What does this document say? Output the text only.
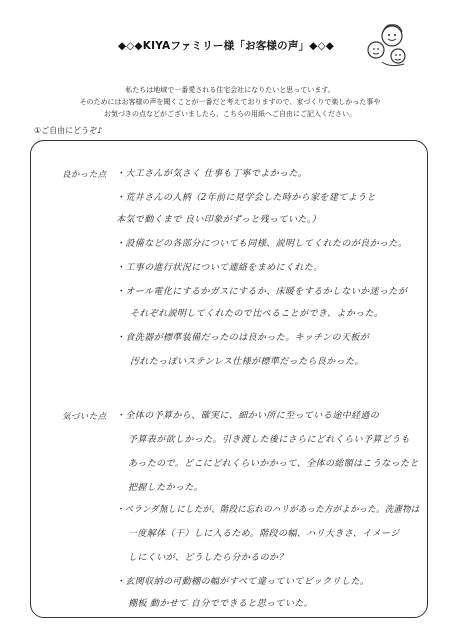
◆◇◆KIYAファミリー様「お客様の声」◆◇◆
私たちは地域で一番愛される住宅会社になりたいと思っています。
そのためにはお客様の声を聞くことが一番だと考えておりますので、家づくりで楽しかった事や
お気づきの点などがございましたら、こちらの用紙へご自由にご記入ください。
①ご自由にどうぞ♪
良かった点 ・大工さんが気さく 仕事も丁寧でよかった。
・荒井さんの人柄（2年前に見学会した時から家を建てようと
本気で動くまで 良い印象がずっと残っていた。）
・設備などの各部分についても同様、説明してくれたのが良かった。
・工事の進行状況について連絡をまめにくれた。
・オール電化にするかガスにするか、床暖をするかしないか迷ったが
それぞれ説明してくれたので比べることができ、よかった。
・食洗器が標準装備だったのは良かった。キッチンの天板が
汚れたっぽいステンレス仕様が標準だったら良かった。
気づいた点 ・全体の予算から、確実に、細かい所に至っている途中経過の
予算表が欲しかった。引き渡した後にさらにどれくらい予算どうも
あったので。どこにどれくらいかかって、全体の総額はこうなったと
把握したかった。
・ベランダ無しにしたが、階段に忘れのハリがあった方がよかった。洗濯物は
一度解体（干）しに入るため。階段の幅、ハリ大きさ、イメージ
しにくいが、どうしたら分かるのか？
・玄関収納の可動棚の幅がすべて違っていてビックリした。
棚板 動かせて 自分でできると思っていた。
